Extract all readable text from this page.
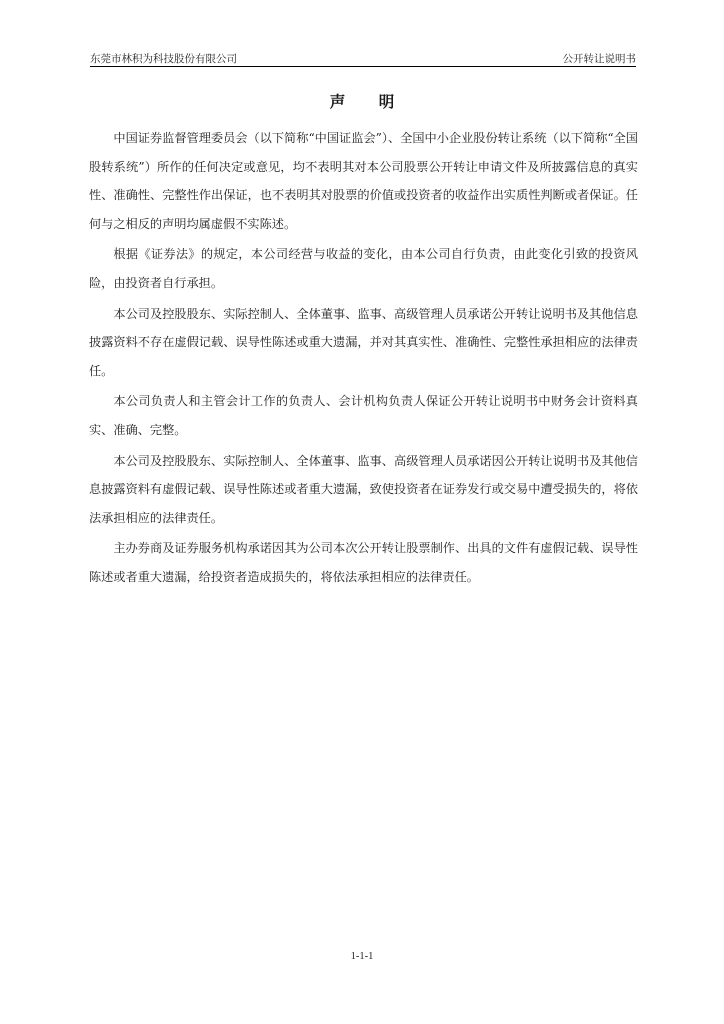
东莞市林积为科技股份有限公司	公开转让说明书
声 明

中国证券监督管理委员会（以下简称“中国证监会”）、全国中小企业股份转让系统（以下简称“全国股转系统”）所作的任何决定或意见，均不表明其对本公司股票公开转让申请文件及所披露信息的真实性、准确性、完整性作出保证，也不表明其对股票的价值或投资者的收益作出实质性判断或者保证。任何与之相反的声明均属虚假不实陈述。

根据《证券法》的规定，本公司经营与收益的变化，由本公司自行负责，由此变化引致的投资风险，由投资者自行承担。

本公司及控股股东、实际控制人、全体董事、监事、高级管理人员承诺公开转让说明书及其他信息披露资料不存在虚假记载、误导性陈述或重大遗漏，并对其真实性、准确性、完整性承担相应的法律责任。

本公司负责人和主管会计工作的负责人、会计机构负责人保证公开转让说明书中财务会计资料真实、准确、完整。

本公司及控股股东、实际控制人、全体董事、监事、高级管理人员承诺因公开转让说明书及其他信息披露资料有虚假记载、误导性陈述或者重大遗漏，致使投资者在证券发行或交易中遭受损失的，将依法承担相应的法律责任。

主办券商及证券服务机构承诺因其为公司本次公开转让股票制作、出具的文件有虚假记载、误导性陈述或者重大遗漏，给投资者造成损失的，将依法承担相应的法律责任。

1-1-1
